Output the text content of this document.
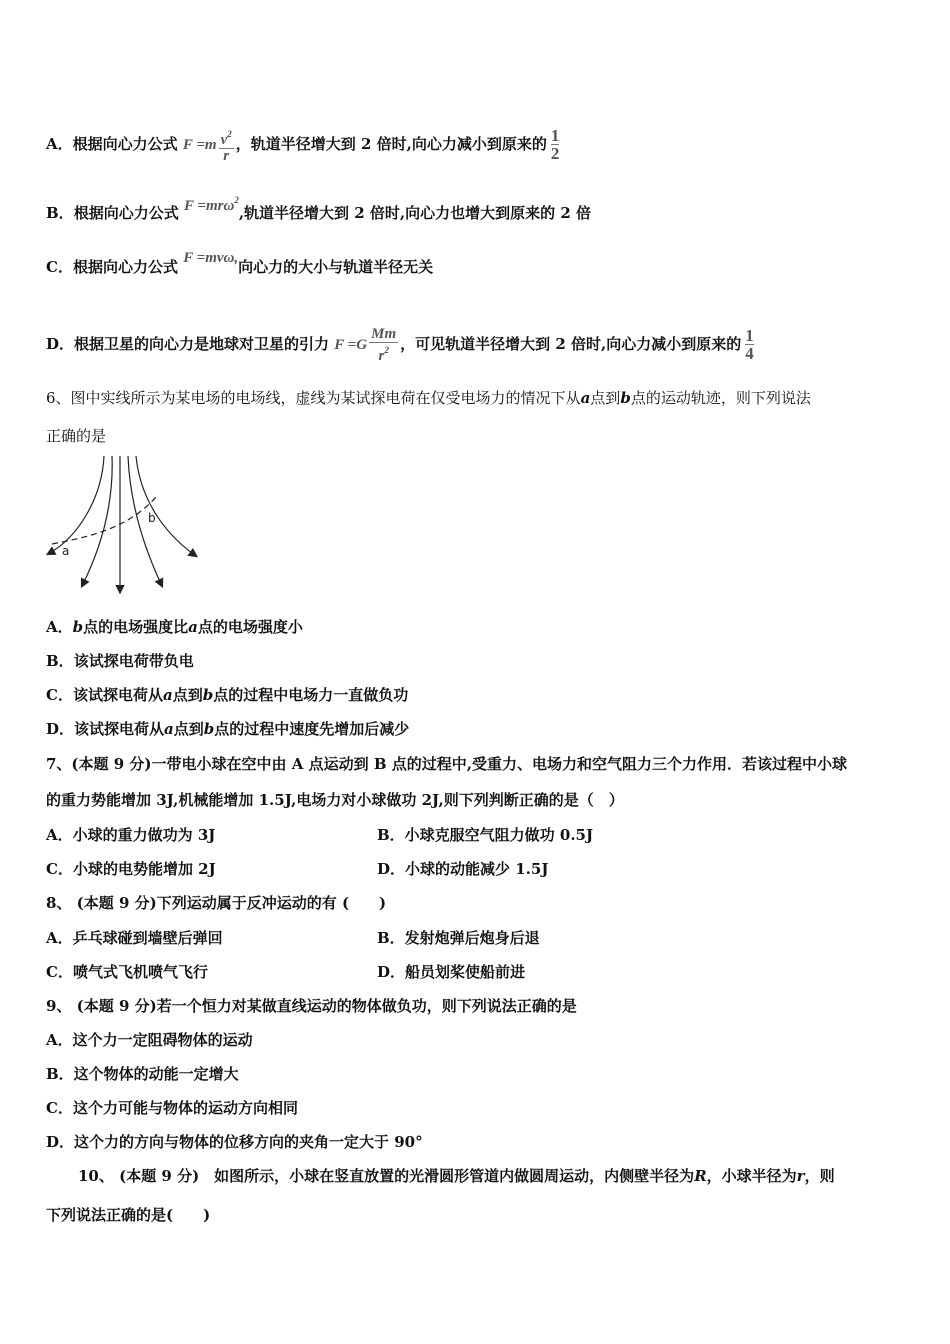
A．根据向心力公式 $F =m \frac{v^2}{r}$ ，轨道半径增大到 2 倍时,向心力减小到原来的 $\frac{1}{2}$
B．根据向心力公式 F =mrω$^2$,轨道半径增大到 2 倍时,向心力也增大到原来的 2 倍
C．根据向心力公式 F =mvω,向心力的大小与轨道半径无关
D．根据卫星的向心力是地球对卫星的引力 $F =G \frac{Mm}{r^2}$ ，可见轨道半径增大到 2 倍时,向心力减小到原来的 $\frac{1}{4}$
6、图中实线所示为某电场的电场线，虚线为某试探电荷在仅受电场力的情况下从a点到b点的运动轨迹，则下列说法
正确的是
a
b
A．b点的电场强度比a点的电场强度小
B．该试探电荷带负电
C．该试探电荷从a点到b点的过程中电场力一直做负功
D．该试探电荷从a点到b点的过程中速度先增加后减少
7、(本题 9 分)一带电小球在空中由 A 点运动到 B 点的过程中,受重力、电场力和空气阻力三个力作用．若该过程中小球
的重力势能增加 3J,机械能增加 1.5J,电场力对小球做功 2J,则下列判断正确的是（　）
A．小球的重力做功为 3J	B．小球克服空气阻力做功 0.5J
C．小球的电势能增加 2J	D．小球的动能减少 1.5J
8、 (本题 9 分)下列运动属于反冲运动的有 (　　)
A．乒乓球碰到墙壁后弹回	B．发射炮弹后炮身后退
C．喷气式飞机喷气飞行	D．船员划桨使船前进
9、 (本题 9 分)若一个恒力对某做直线运动的物体做负功，则下列说法正确的是
A．这个力一定阻碍物体的运动
B．这个物体的动能一定增大
C．这个力可能与物体的运动方向相同
D．这个力的方向与物体的位移方向的夹角一定大于 90°
10、 (本题 9 分)　如图所示，小球在竖直放置的光滑圆形管道内做圆周运动，内侧壁半径为R，小球半径为r，则
下列说法正确的是(　　)
